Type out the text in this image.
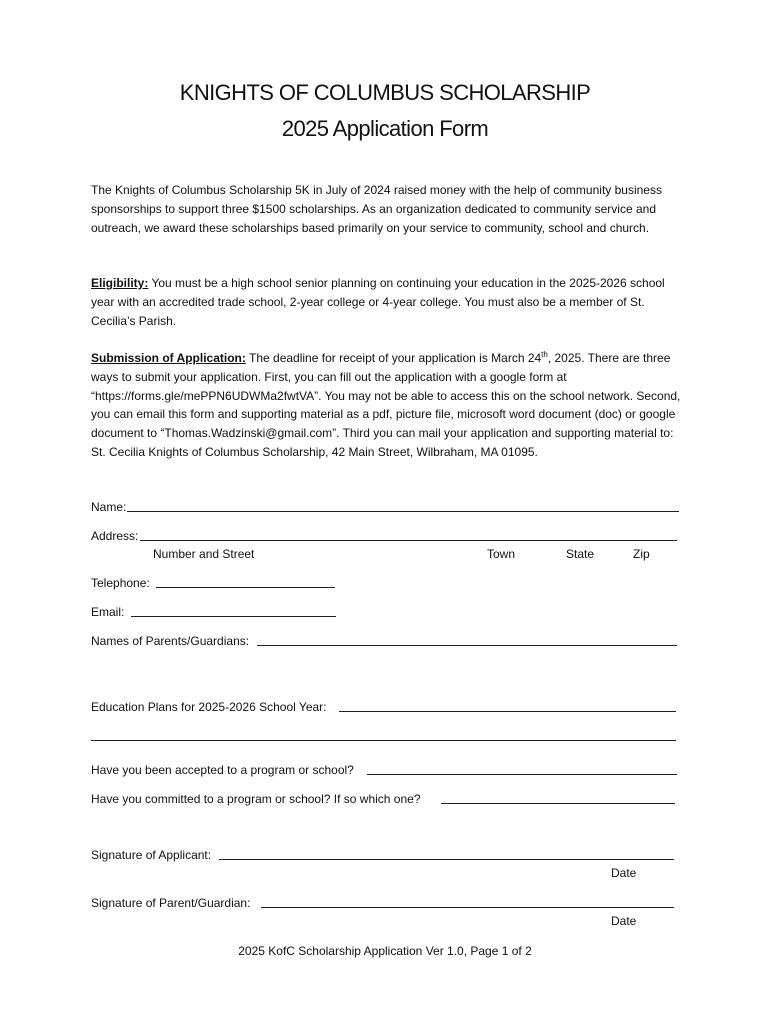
KNIGHTS OF COLUMBUS SCHOLARSHIP
2025 Application Form
The Knights of Columbus Scholarship 5K in July of 2024 raised money with the help of community business sponsorships to support three $1500 scholarships. As an organization dedicated to community service and outreach, we award these scholarships based primarily on your service to community, school and church.
Eligibility: You must be a high school senior planning on continuing your education in the 2025-2026 school year with an accredited trade school, 2-year college or 4-year college. You must also be a member of St. Cecilia’s Parish.
Submission of Application: The deadline for receipt of your application is March 24th, 2025. There are three ways to submit your application. First, you can fill out the application with a google form at “https://forms.gle/mePPN6UDWMa2fwtVA”. You may not be able to access this on the school network. Second, you can email this form and supporting material as a pdf, picture file, microsoft word document (doc) or google document to “Thomas.Wadzinski@gmail.com”. Third you can mail your application and supporting material to: St. Cecilia Knights of Columbus Scholarship, 42 Main Street, Wilbraham, MA 01095.
Name:
Address:
Number and Street	Town	State	Zip
Telephone:
Email:
Names of Parents/Guardians:
Education Plans for 2025-2026 School Year:
Have you been accepted to a program or school?
Have you committed to a program or school? If so which one?
Signature of Applicant:
Date
Signature of Parent/Guardian:
Date
2025 KofC Scholarship Application Ver 1.0, Page 1 of 2
